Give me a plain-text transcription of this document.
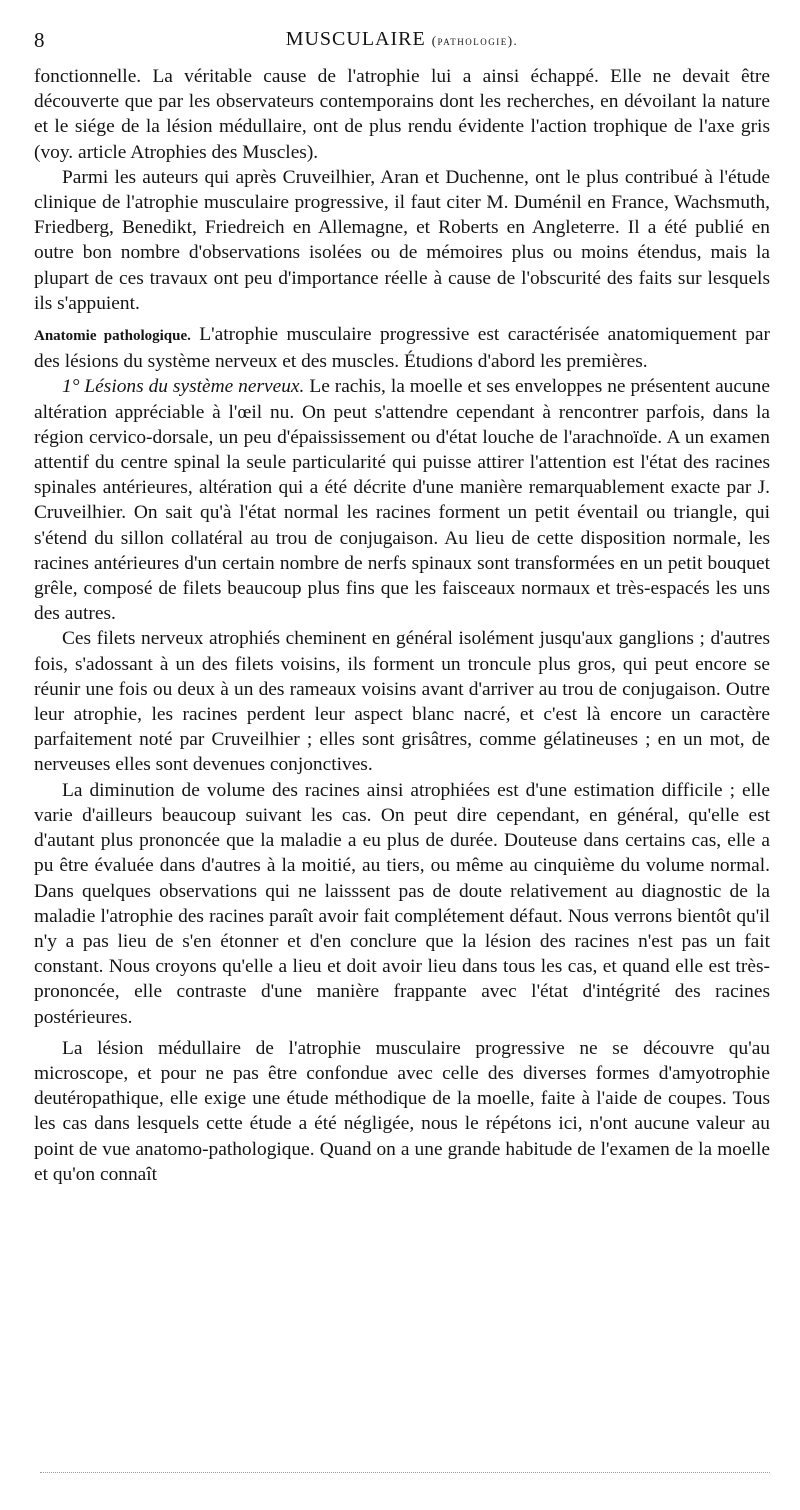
8	MUSCULAIRE (pathologie).

fonctionnelle. La véritable cause de l'atrophie lui a ainsi échappé. Elle ne devait être découverte que par les observateurs contemporains dont les recherches, en dévoilant la nature et le siége de la lésion médullaire, ont de plus rendu évidente l'action trophique de l'axe gris (voy. article Atrophies des Muscles).

Parmi les auteurs qui après Cruveilhier, Aran et Duchenne, ont le plus contribué à l'étude clinique de l'atrophie musculaire progressive, il faut citer M. Duménil en France, Wachsmuth, Friedberg, Benedikt, Friedreich en Allemagne, et Roberts en Angleterre. Il a été publié en outre bon nombre d'observations isolées ou de mémoires plus ou moins étendus, mais la plupart de ces travaux ont peu d'importance réelle à cause de l'obscurité des faits sur lesquels ils s'appuient.

Anatomie pathologique. L'atrophie musculaire progressive est caractérisée anatomiquement par des lésions du système nerveux et des muscles. Étudions d'abord les premières.

1° Lésions du système nerveux. Le rachis, la moelle et ses enveloppes ne présentent aucune altération appréciable à l'œil nu. On peut s'attendre cependant à rencontrer parfois, dans la région cervico-dorsale, un peu d'épaississement ou d'état louche de l'arachnoïde. A un examen attentif du centre spinal la seule particularité qui puisse attirer l'attention est l'état des racines spinales antérieures, altération qui a été décrite d'une manière remarquablement exacte par J. Cruveilhier. On sait qu'à l'état normal les racines forment un petit éventail ou triangle, qui s'étend du sillon collatéral au trou de conjugaison. Au lieu de cette disposition normale, les racines antérieures d'un certain nombre de nerfs spinaux sont transformées en un petit bouquet grêle, composé de filets beaucoup plus fins que les faisceaux normaux et très-espacés les uns des autres.

Ces filets nerveux atrophiés cheminent en général isolément jusqu'aux ganglions ; d'autres fois, s'adossant à un des filets voisins, ils forment un troncule plus gros, qui peut encore se réunir une fois ou deux à un des rameaux voisins avant d'arriver au trou de conjugaison. Outre leur atrophie, les racines perdent leur aspect blanc nacré, et c'est là encore un caractère parfaitement noté par Cruveilhier ; elles sont grisâtres, comme gélatineuses ; en un mot, de nerveuses elles sont devenues conjonctives.

La diminution de volume des racines ainsi atrophiées est d'une estimation difficile ; elle varie d'ailleurs beaucoup suivant les cas. On peut dire cependant, en général, qu'elle est d'autant plus prononcée que la maladie a eu plus de durée. Douteuse dans certains cas, elle a pu être évaluée dans d'autres à la moitié, au tiers, ou même au cinquième du volume normal. Dans quelques observations qui ne laisssent pas de doute relativement au diagnostic de la maladie l'atrophie des racines paraît avoir fait complétement défaut. Nous verrons bientôt qu'il n'y a pas lieu de s'en étonner et d'en conclure que la lésion des racines n'est pas un fait constant. Nous croyons qu'elle a lieu et doit avoir lieu dans tous les cas, et quand elle est très-prononcée, elle contraste d'une manière frappante avec l'état d'intégrité des racines postérieures.

La lésion médullaire de l'atrophie musculaire progressive ne se découvre qu'au microscope, et pour ne pas être confondue avec celle des diverses formes d'amyotrophie deutéropathique, elle exige une étude méthodique de la moelle, faite à l'aide de coupes. Tous les cas dans lesquels cette étude a été négligée, nous le répétons ici, n'ont aucune valeur au point de vue anatomo-pathologique. Quand on a une grande habitude de l'examen de la moelle et qu'on connaît
